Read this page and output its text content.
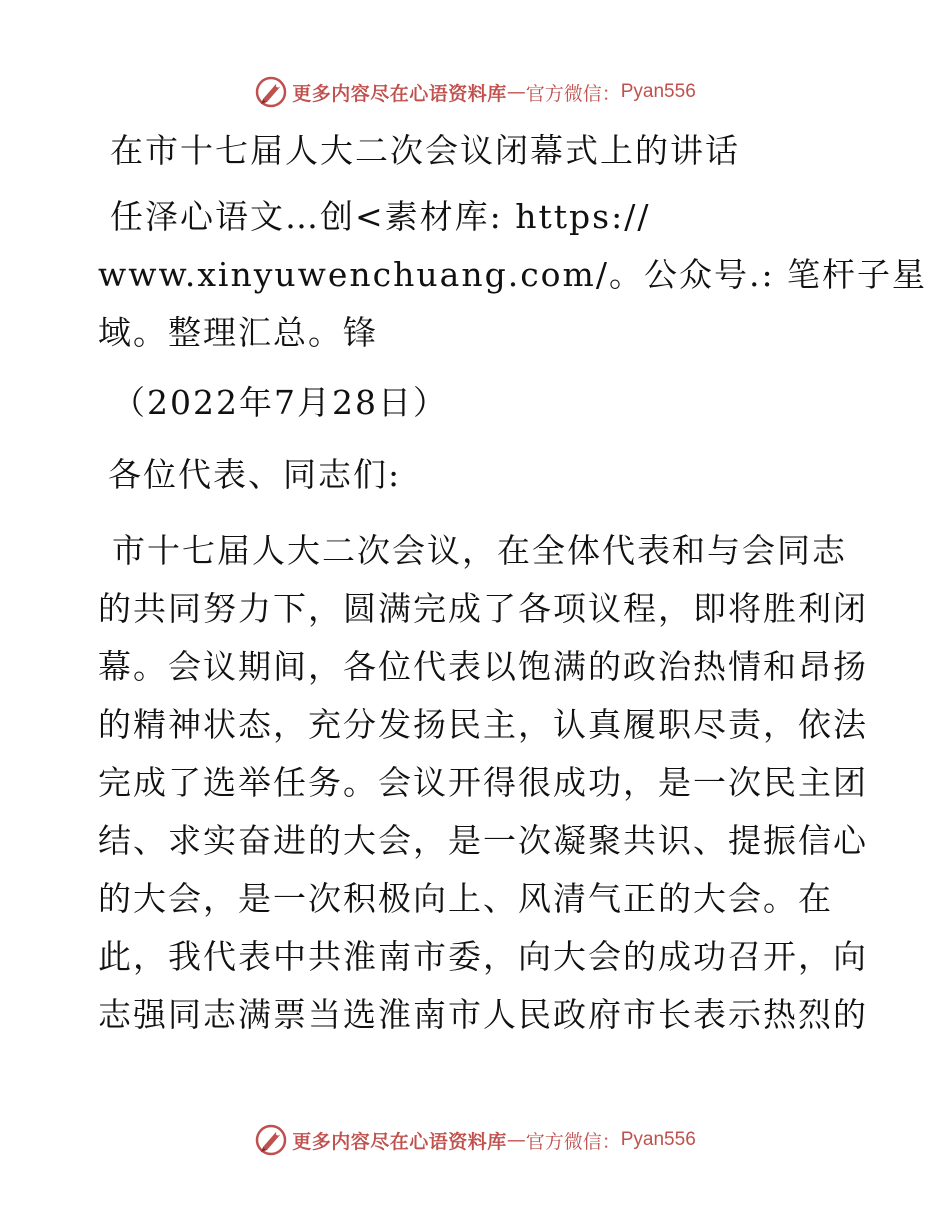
更多内容尽在心语资料库 — 官方微信： Pyan556
在市十七届人大二次会议闭幕式上的讲话
任泽心语文…创<素材库: https://
www.xinyuwenchuang.com/。公众号.: 笔杆子星
域。整理汇总。锋
（2022年7月28日）
各位代表、同志们:
市十七届人大二次会议，在全体代表和与会同志
的共同努力下，圆满完成了各项议程，即将胜利闭
幕。会议期间，各位代表以饱满的政治热情和昂扬
的精神状态，充分发扬民主，认真履职尽责，依法
完成了选举任务。会议开得很成功，是一次民主团
结、求实奋进的大会，是一次凝聚共识、提振信心
的大会，是一次积极向上、风清气正的大会。在
此，我代表中共淮南市委，向大会的成功召开，向
志强同志满票当选淮南市人民政府市长表示热烈的
更多内容尽在心语资料库 — 官方微信： Pyan556
